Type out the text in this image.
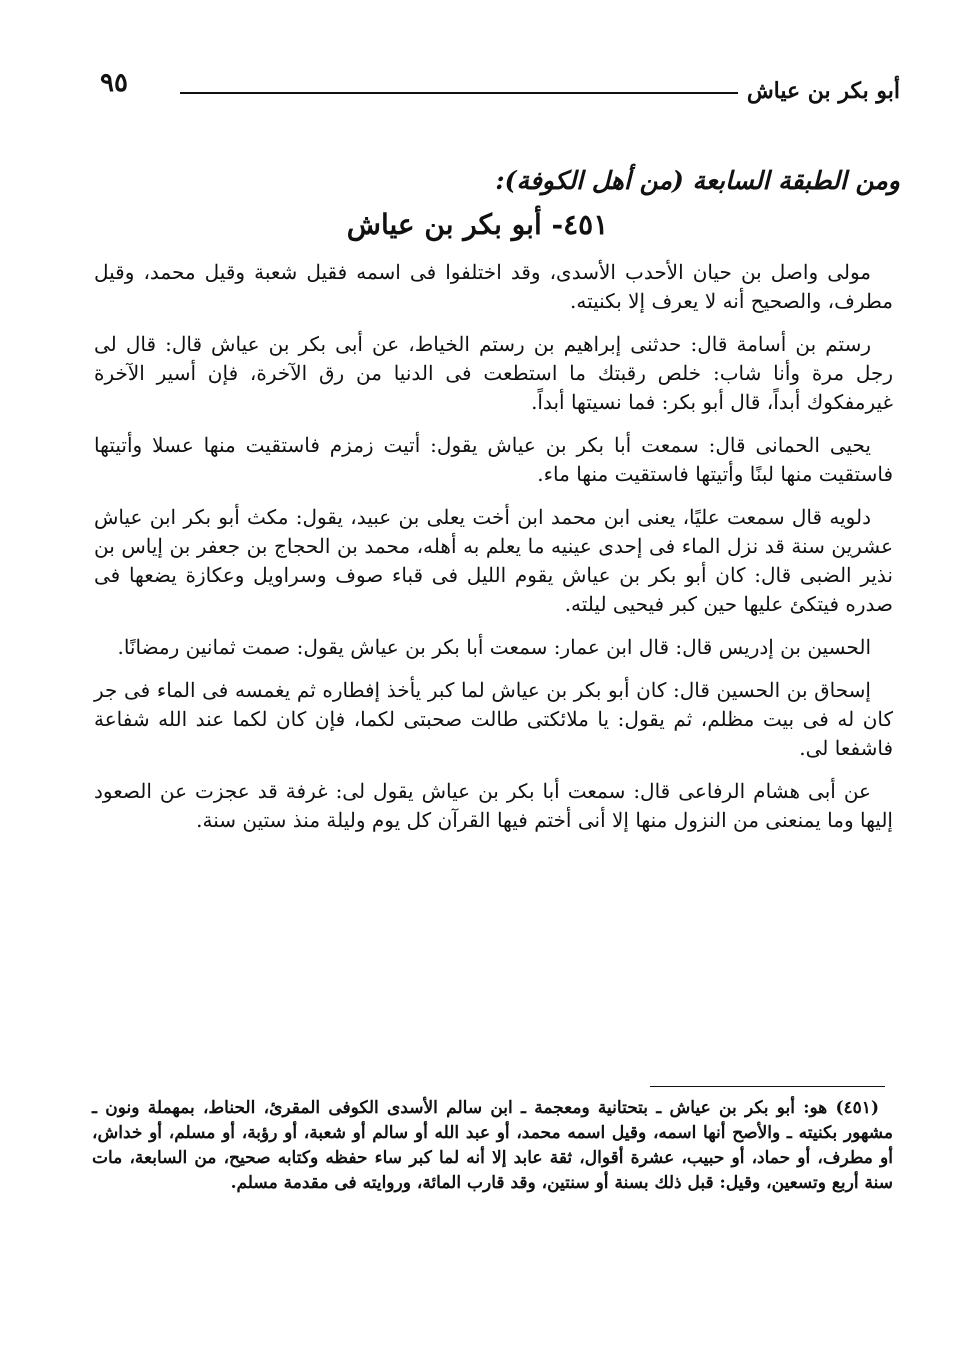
أبو بكر بن عياش
٩٥
ومن الطبقة السابعة (من أهل الكوفة):
٤٥١- أبو بكر بن عياش

مولى واصل بن حيان الأحدب الأسدى، وقد اختلفوا فى اسمه فقيل شعبة وقيل محمد، وقيل مطرف، والصحيح أنه لا يعرف إلا بكنيته.

رستم بن أسامة قال: حدثنى إبراهيم بن رستم الخياط، عن أبى بكر بن عياش قال: قال لى رجل مرة وأنا شاب: خلص رقبتك ما استطعت فى الدنيا من رق الآخرة، فإن أسير الآخرة غيرمفكوك أبداً، قال أبو بكر: فما نسيتها أبداً.

يحيى الحمانى قال: سمعت أبا بكر بن عياش يقول: أتيت زمزم فاستقيت منها عسلا وأتيتها فاستقيت منها لبنًا وأتيتها فاستقيت منها ماء.

دلويه قال سمعت عليًا، يعنى ابن محمد ابن أخت يعلى بن عبيد، يقول: مكث أبو بكر ابن عياش عشرين سنة قد نزل الماء فى إحدى عينيه ما يعلم به أهله، محمد بن الحجاج بن جعفر بن إياس بن نذير الضبى قال: كان أبو بكر بن عياش يقوم الليل فى قباء صوف وسراويل وعكازة يضعها فى صدره فيتكئ عليها حين كبر فيحيى ليلته.

الحسين بن إدريس قال: قال ابن عمار: سمعت أبا بكر بن عياش يقول: صمت ثمانين رمضانًا.

إسحاق بن الحسين قال: كان أبو بكر بن عياش لما كبر يأخذ إفطاره ثم يغمسه فى الماء فى جر كان له فى بيت مظلم، ثم يقول: يا ملائكتى طالت صحبتى لكما، فإن كان لكما عند الله شفاعة فاشفعا لى.

عن أبى هشام الرفاعى قال: سمعت أبا بكر بن عياش يقول لى: غرفة قد عجزت عن الصعود إليها وما يمنعنى من النزول منها إلا أنى أختم فيها القرآن كل يوم وليلة منذ ستين سنة.

(٤٥١) هو: أبو بكر بن عياش ـ بتحتانية ومعجمة ـ ابن سالم الأسدى الكوفى المقرئ، الحناط، بمهملة ونون ـ مشهور بكنيته ـ والأصح أنها اسمه، وقيل اسمه محمد، أو عبد الله أو سالم أو شعبة، أو رؤبة، أو مسلم، أو خداش، أو مطرف، أو حماد، أو حبيب، عشرة أقوال، ثقة عابد إلا أنه لما كبر ساء حفظه وكتابه صحيح، من السابعة، مات سنة أربع وتسعين، وقيل: قبل ذلك بسنة أو سنتين، وقد قارب المائة، وروايته فى مقدمة مسلم.
